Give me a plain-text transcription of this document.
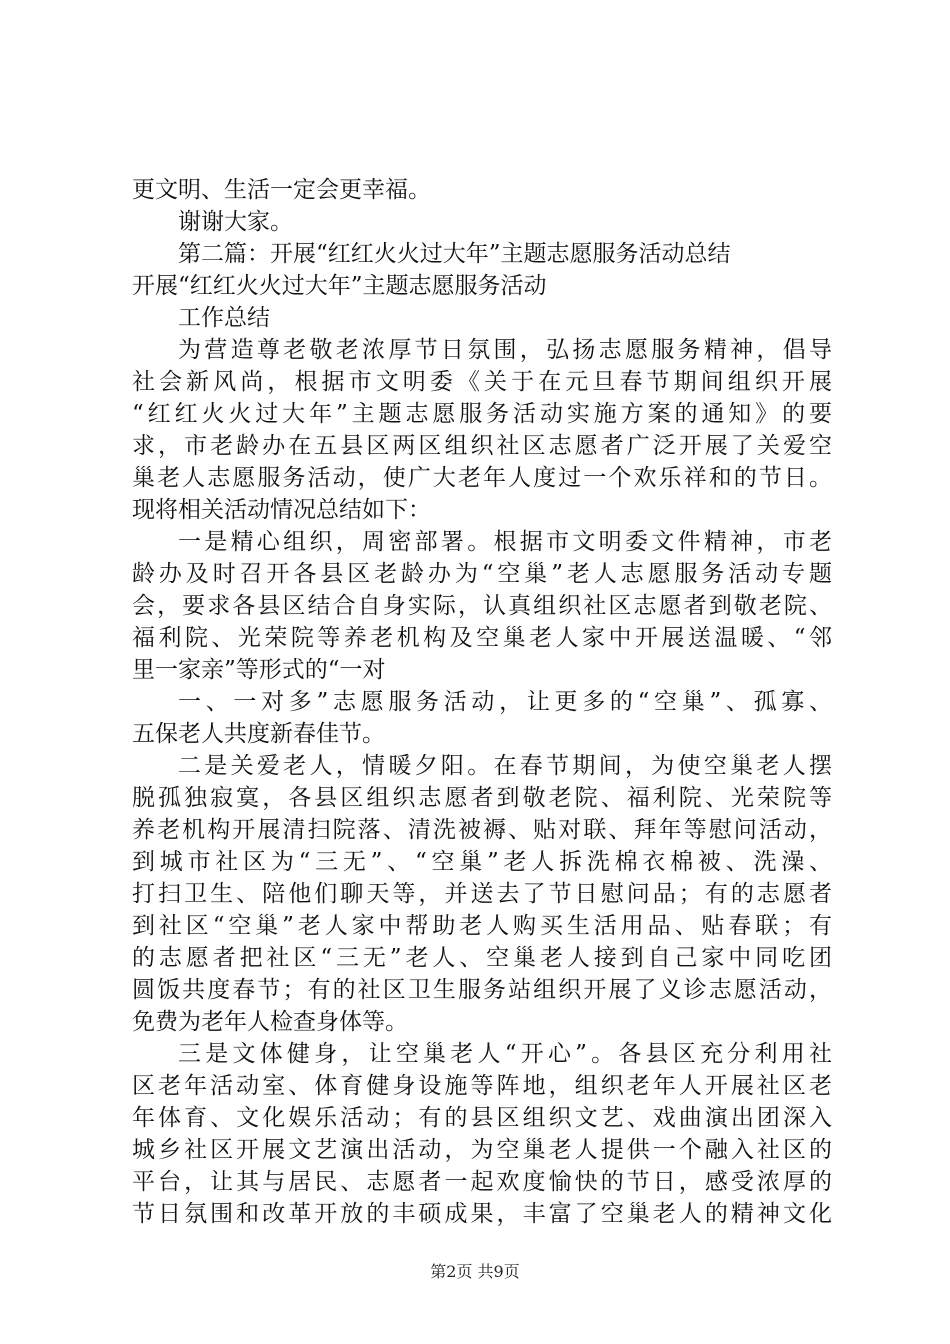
更文明、生活一定会更幸福。
谢谢大家。
第二篇：开展“红红火火过大年”主题志愿服务活动总结
开展“红红火火过大年”主题志愿服务活动
工作总结
为营造尊老敬老浓厚节日氛围，弘扬志愿服务精神，倡导
社会新风尚，根据市文明委《关于在元旦春节期间组织开展
“红红火火过大年”主题志愿服务活动实施方案的通知》的要
求，市老龄办在五县区两区组织社区志愿者广泛开展了关爱空
巢老人志愿服务活动，使广大老年人度过一个欢乐祥和的节日。
现将相关活动情况总结如下：
一是精心组织，周密部署。根据市文明委文件精神，市老
龄办及时召开各县区老龄办为“空巢”老人志愿服务活动专题
会，要求各县区结合自身实际，认真组织社区志愿者到敬老院、
福利院、光荣院等养老机构及空巢老人家中开展送温暖、“邻
里一家亲”等形式的“一对
一、一对多”志愿服务活动，让更多的“空巢”、孤寡、
五保老人共度新春佳节。
二是关爱老人，情暖夕阳。在春节期间，为使空巢老人摆
脱孤独寂寞，各县区组织志愿者到敬老院、福利院、光荣院等
养老机构开展清扫院落、清洗被褥、贴对联、拜年等慰问活动，
到城市社区为“三无”、“空巢”老人拆洗棉衣棉被、洗澡、
打扫卫生、陪他们聊天等，并送去了节日慰问品；有的志愿者
到社区“空巢”老人家中帮助老人购买生活用品、贴春联；有
的志愿者把社区“三无”老人、空巢老人接到自己家中同吃团
圆饭共度春节；有的社区卫生服务站组织开展了义诊志愿活动，
免费为老年人检查身体等。
三是文体健身，让空巢老人“开心”。各县区充分利用社
区老年活动室、体育健身设施等阵地，组织老年人开展社区老
年体育、文化娱乐活动；有的县区组织文艺、戏曲演出团深入
城乡社区开展文艺演出活动，为空巢老人提供一个融入社区的
平台，让其与居民、志愿者一起欢度愉快的节日，感受浓厚的
节日氛围和改革开放的丰硕成果，丰富了空巢老人的精神文化
第2页 共9页
